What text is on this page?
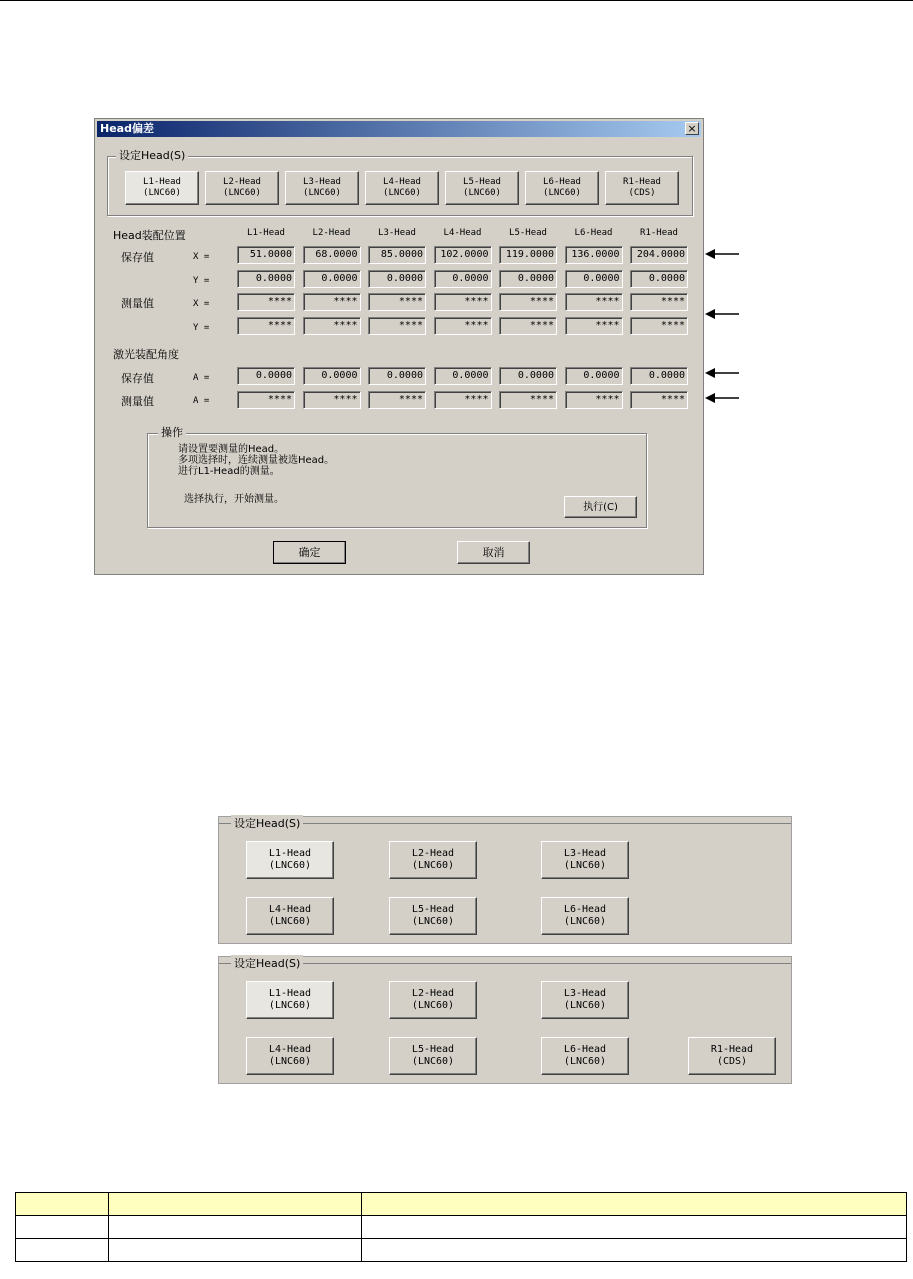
Head偏差	×
设定Head(S)
Head装配位置
保存值
测量值
X =
Y =
X =
Y =
激光装配角度
保存值
测量值
A =
A =
操作
请设置要测量的Head。
多项选择时，连续测量被选Head。
进行L1-Head的测量。
选择执行，开始测量。
执行(C)
确定	取消
L1-Head
(LNC60)
L2-Head
(LNC60)
L3-Head
(LNC60)
L4-Head
(LNC60)
L5-Head
(LNC60)
L6-Head
(LNC60)
R1-Head
(CDS)
L1-Head	L2-Head	L3-Head	L4-Head	L5-Head	L6-Head	R1-Head
51.0000	68.0000	85.0000	102.0000	119.0000	136.0000	204.0000
0.0000	0.0000	0.0000	0.0000	0.0000	0.0000	0.0000
****	****	****	****	****	****	****
****	****	****	****	****	****	****
0.0000	0.0000	0.0000	0.0000	0.0000	0.0000	0.0000
****	****	****	****	****	****	****
设定Head(S)
L1-Head
(LNC60)
L2-Head
(LNC60)
L3-Head
(LNC60)
L4-Head
(LNC60)
L5-Head
(LNC60)
L6-Head
(LNC60)
设定Head(S)
L1-Head
(LNC60)
L2-Head
(LNC60)
L3-Head
(LNC60)
L4-Head
(LNC60)
L5-Head
(LNC60)
L6-Head
(LNC60)
R1-Head
(CDS)
